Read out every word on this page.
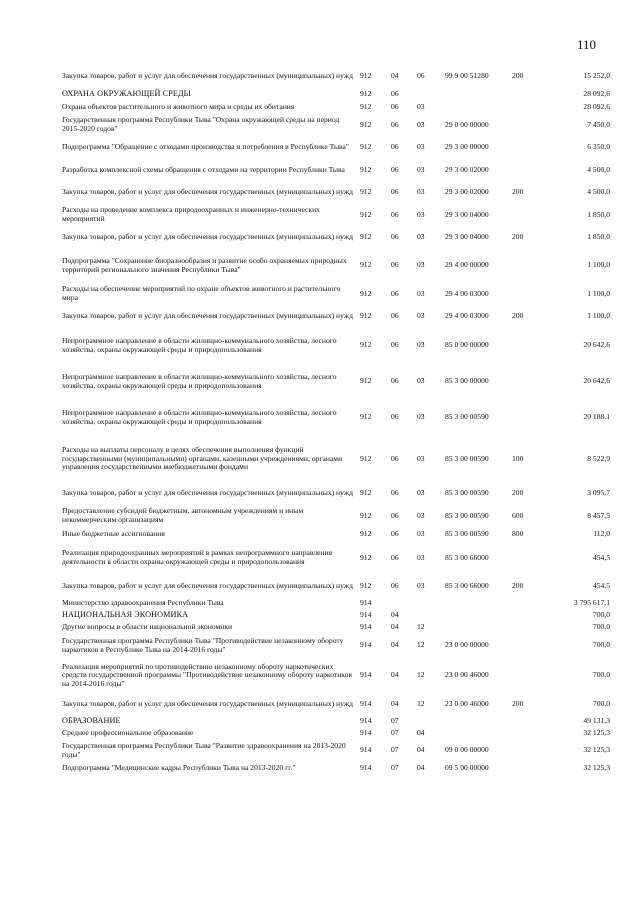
110
Закупка товаров, работ и услуг для обеспечения государственных (муниципальных) нужд	912	04	06	99 9 00 51280	200	15 252,0
ОХРАНА ОКРУЖАЮЩЕЙ СРЕДЫ	912	06				28 092,6
Охрана объектов растительного и животного мира и среды их обитания	912	06	03			28 092,6
Государственная программа Республики Тыва "Охрана окружающей среды на период 2015-2020 годов"	912	06	03	29 0 00 00000		7 450,0
Подпрограмма "Обращение с отходами производства и потребления в Республике Тыва"	912	06	03	29 3 00 00000		6 350,0
Разработка комплексной схемы обращения с отходами на территории Республики Тыва	912	06	03	29 3 00 02000		4 500,0
Закупка товаров, работ и услуг для обеспечения государственных (муниципальных) нужд	912	06	03	29 3 00 02000	200	4 500,0
Расходы на проведение комплекса природоохранных и инженерно-технических мероприятий	912	06	03	29 3 00 04000		1 850,0
Закупка товаров, работ и услуг для обеспечения государственных (муниципальных) нужд	912	06	03	29 3 00 04000	200	1 850,0
Подпрограмма "Сохранение биоразнообразия и развитие особо охраняемых природных территорий регионального значения Республики Тыва"	912	06	03	29 4 00 00000		1 100,0
Расходы на обеспечение мероприятий по охране объектов животного и растительного мира	912	06	03	29 4 00 03000		1 100,0
Закупка товаров, работ и услуг для обеспечения государственных (муниципальных) нужд	912	06	03	29 4 00 03000	200	1 100,0
Непрограммное направление в области жилищно-коммунального хозяйства, лесного хозяйства, охраны окружающей среды и природопользования	912	06	03	85 0 00 00000		20 642,6
Непрограммное направление в области жилищно-коммунального хозяйства, лесного хозяйства, охраны окружающей среды и природопользования	912	06	03	85 3 00 00000		20 642,6
Непрограммное направление в области жилищно-коммунального хозяйства, лесного хозяйства, охраны окружающей среды и природопользования	912	06	03	85 3 00 00590		20 188,1
Расходы на выплаты персоналу в целях обеспечения выполнения функций государственными (муниципальными) органами, казенными учреждениями, органами управления государственными внебюджетными фондами	912	06	03	85 3 00 00590	100	8 522,9
Закупка товаров, работ и услуг для обеспечения государственных (муниципальных) нужд	912	06	03	85 3 00 00590	200	3 095,7
Предоставление субсидий бюджетным, автономным учреждениям и иным некоммерческим организациям	912	06	03	85 3 00 00590	600	8 457,5
Иные бюджетные ассигнования	912	06	03	85 3 00 00590	800	112,0
Реализация природоохранных мероприятий в рамках непрограммного направления деятельности в области охраны окружающей среды и природопользования	912	06	03	85 3 00 66000		454,5
Закупка товаров, работ и услуг для обеспечения государственных (муниципальных) нужд	912	06	03	85 3 00 66000	200	454,5
Министерство здравоохранения Республики Тыва	914					3 795 617,1
НАЦИОНАЛЬНАЯ ЭКОНОМИКА	914	04				700,0
Другие вопросы в области национальной экономики	914	04	12			700,0
Государственная программа Республики Тыва "Противодействие незаконному обороту наркотиков в Республике Тыва на 2014-2016 годы"	914	04	12	23 0 00 00000		700,0
Реализация мероприятий по противодействию незаконному обороту наркотических средств государственной программы "Противодействие незаконному обороту наркотиков на 2014-2016 годы"	914	04	12	23 0 00 46000		700,0
Закупка товаров, работ и услуг для обеспечения государственных (муниципальных) нужд	914	04	12	23 0 00 46000	200	700,0
ОБРАЗОВАНИЕ	914	07				49 131,3
Среднее профессиональное образование	914	07	04			32 125,3
Государственная программа Республики Тыва "Развитие здравоохранения на 2013-2020 годы"	914	07	04	09 0 00 00000		32 125,3
Подпрограмма "Медицинские кадры Республики Тыва на 2013-2020 гг."	914	07	04	09 5 00 00000		32 125,3
